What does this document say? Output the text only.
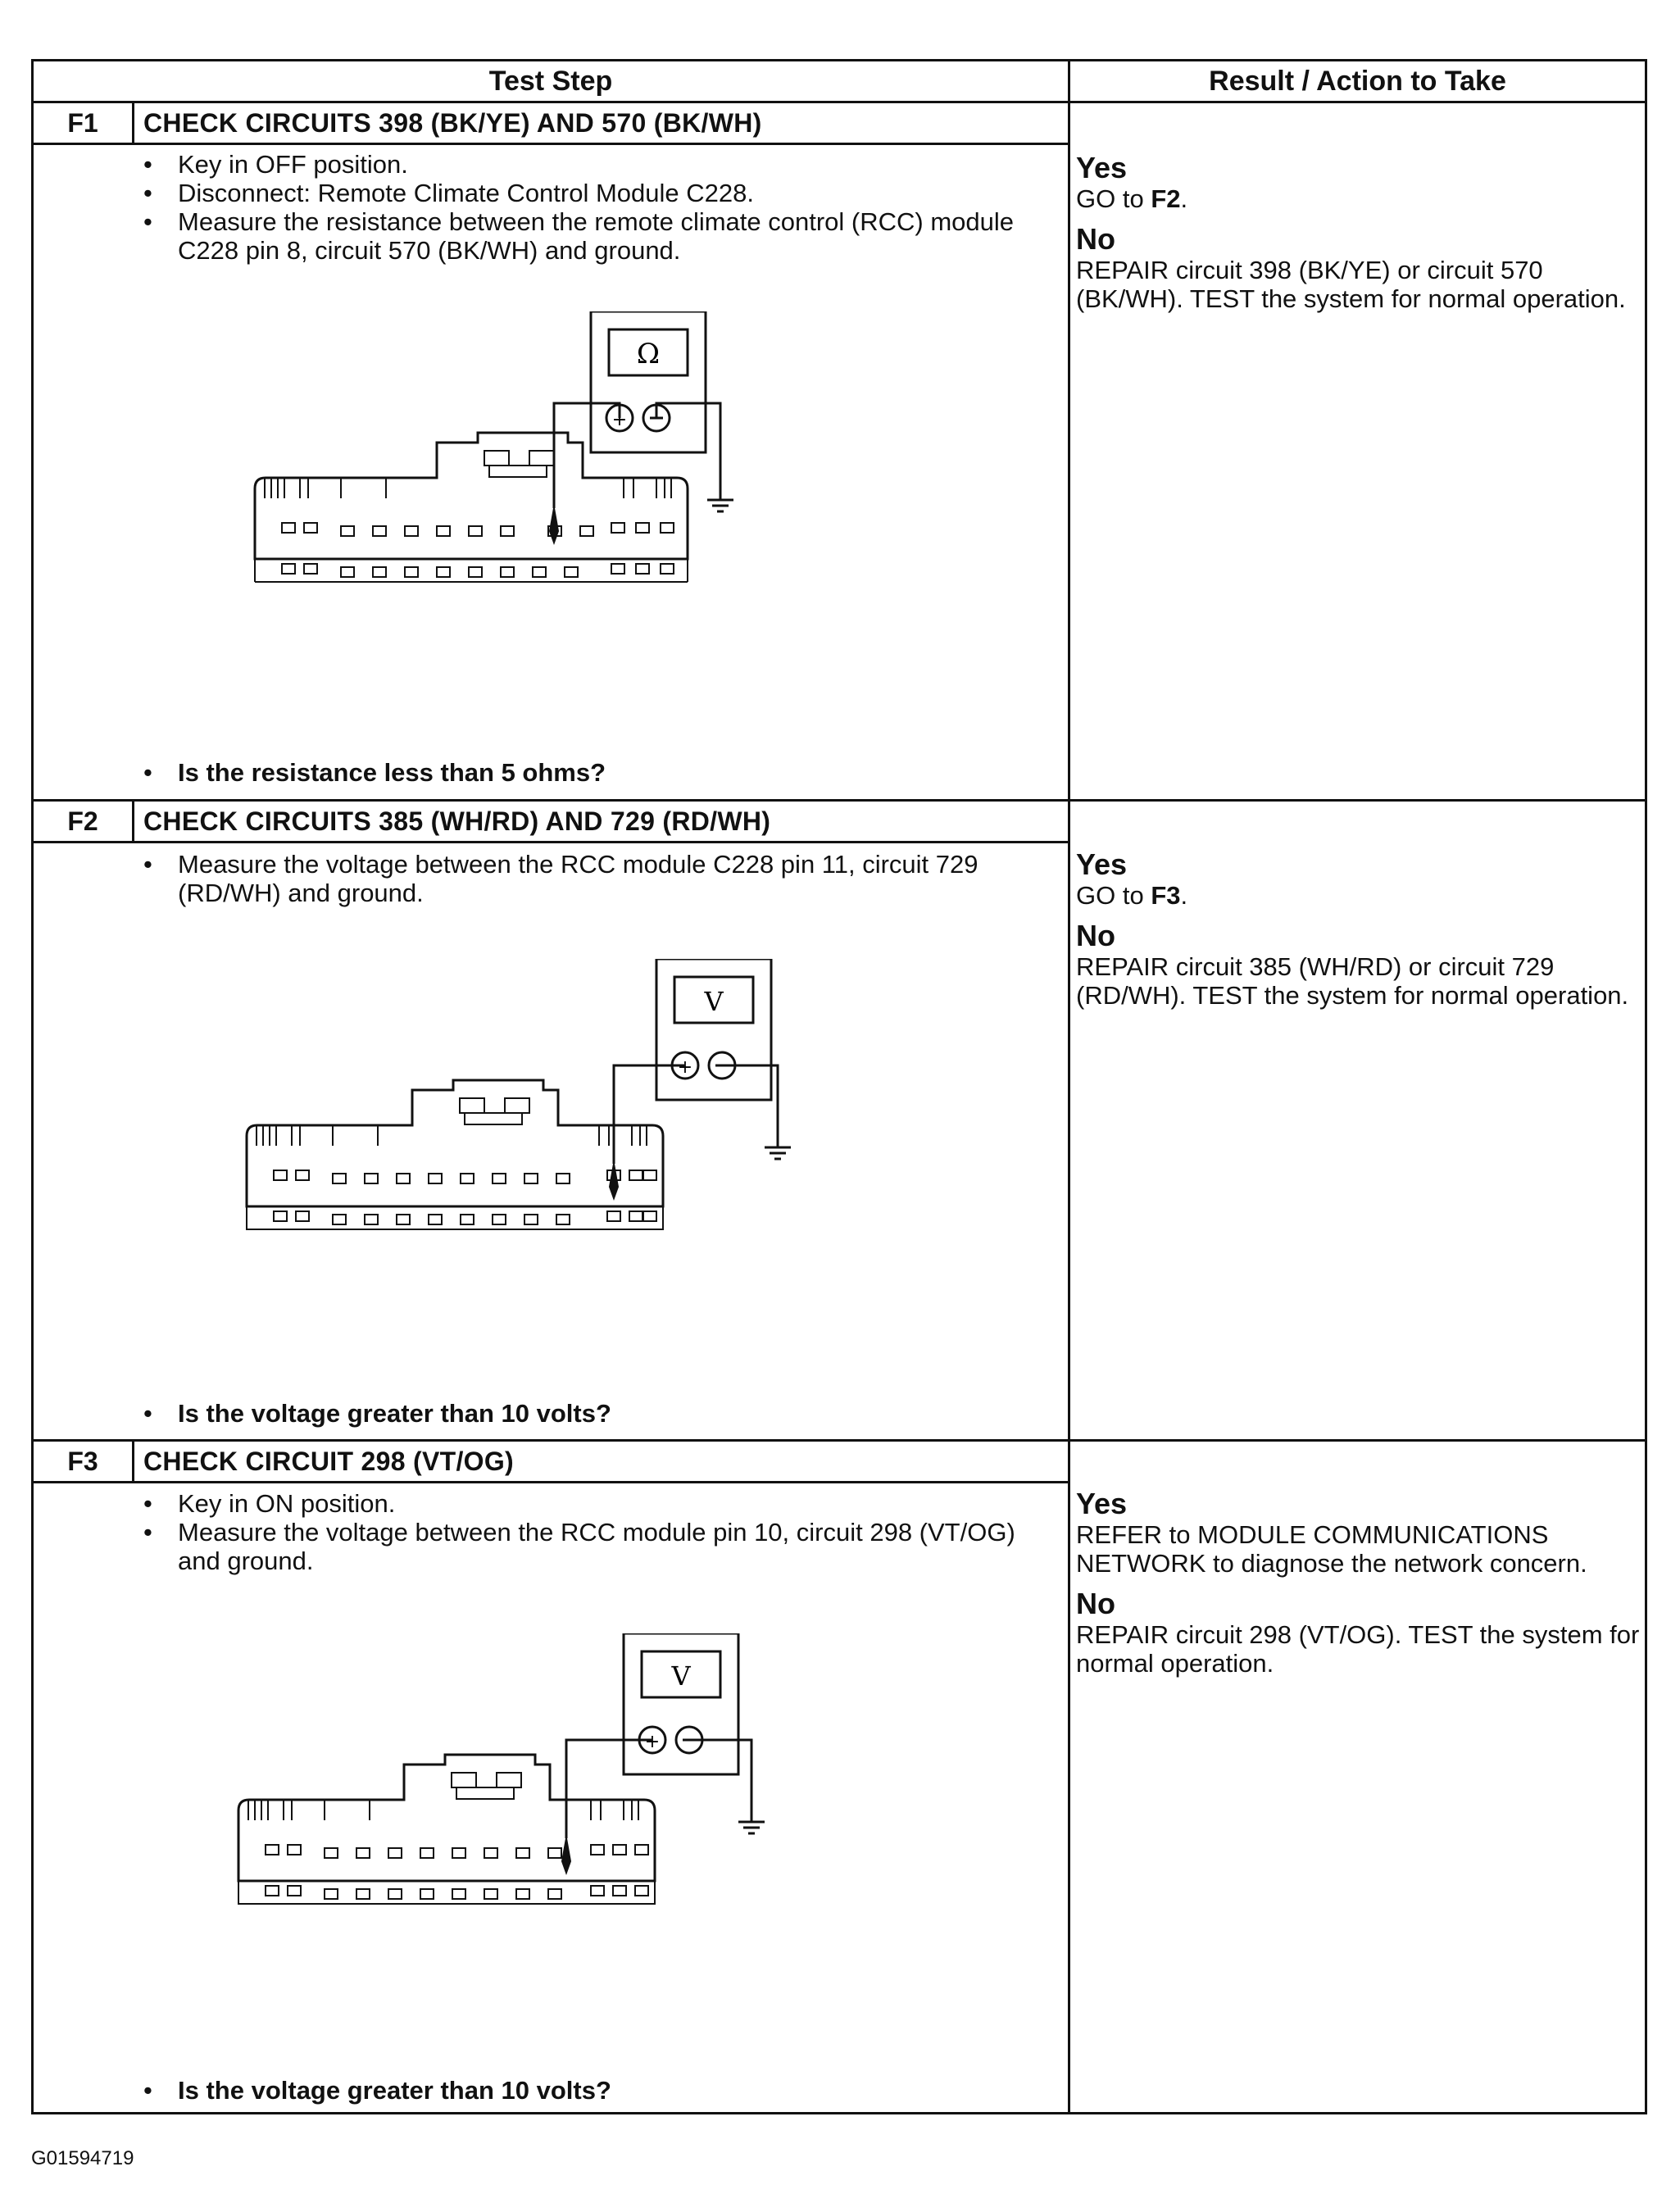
Test Step	Result / Action to Take
F1	CHECK CIRCUITS 398 (BK/YE) AND 570 (BK/WH)
• Key in OFF position.
• Disconnect: Remote Climate Control Module C228.
• Measure the resistance between the remote climate control (RCC) module C228 pin 8, circuit 570 (BK/WH) and ground.
Ω
+
• Is the resistance less than 5 ohms?
Yes
GO to F2.
No
REPAIR circuit 398 (BK/YE) or circuit 570 (BK/WH). TEST the system for normal operation.
F2	CHECK CIRCUITS 385 (WH/RD) AND 729 (RD/WH)
• Measure the voltage between the RCC module C228 pin 11, circuit 729 (RD/WH) and ground.
V
+
• Is the voltage greater than 10 volts?
Yes
GO to F3.
No
REPAIR circuit 385 (WH/RD) or circuit 729 (RD/WH). TEST the system for normal operation.
F3	CHECK CIRCUIT 298 (VT/OG)
• Key in ON position.
• Measure the voltage between the RCC module pin 10, circuit 298 (VT/OG) and ground.
V
+
• Is the voltage greater than 10 volts?
Yes
REFER to MODULE COMMUNICATIONS NETWORK to diagnose the network concern.
No
REPAIR circuit 298 (VT/OG). TEST the system for normal operation.
G01594719
